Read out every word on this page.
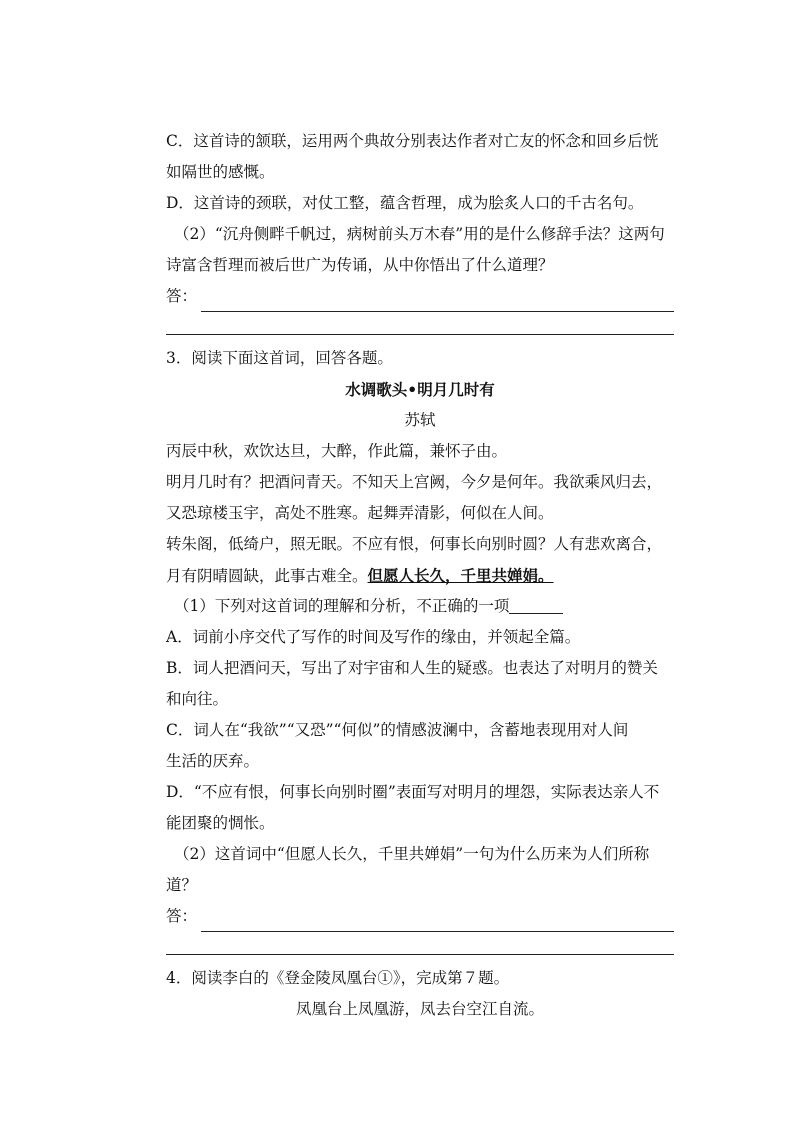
C．这首诗的颔联，运用两个典故分别表达作者对亡友的怀念和回乡后恍
如隔世的感慨。
D．这首诗的颈联，对仗工整，蕴含哲理，成为脍炙人口的千古名句。
（2）“沉舟侧畔千帆过，病树前头万木春”用的是什么修辞手法？这两句
诗富含哲理而被后世广为传诵，从中你悟出了什么道理？
答：
3．阅读下面这首词，回答各题。
水调歌头•明月几时有
苏轼
丙辰中秋，欢饮达旦，大醉，作此篇，兼怀子由。
明月几时有？把酒问青天。不知天上宫阙，今夕是何年。我欲乘风归去，
又恐琼楼玉宇，高处不胜寒。起舞弄清影，何似在人间。
转朱阁，低绮户，照无眠。不应有恨，何事长向别时圆？人有悲欢离合，
月有阴晴圆缺，此事古难全。但愿人长久，千里共婵娟。
（1）下列对这首词的理解和分析，不正确的一项
A．词前小序交代了写作的时间及写作的缘由，并领起全篇。
B．词人把酒问天，写出了对宇宙和人生的疑惑。也表达了对明月的赞关
和向往。
C．词人在“我欲”“又恐”“何似”的情感波澜中，含蓄地表现用对人间
生活的厌弃。
D．“不应有恨，何事长向别时圈”表面写对明月的埋怨，实际表达亲人不
能团聚的惆怅。
（2）这首词中“但愿人长久，千里共婵娟”一句为什么历来为人们所称
道？
答：
4．阅读李白的《登金陵凤凰台①》，完成第７题。
凤凰台上凤凰游，凤去台空江自流。
